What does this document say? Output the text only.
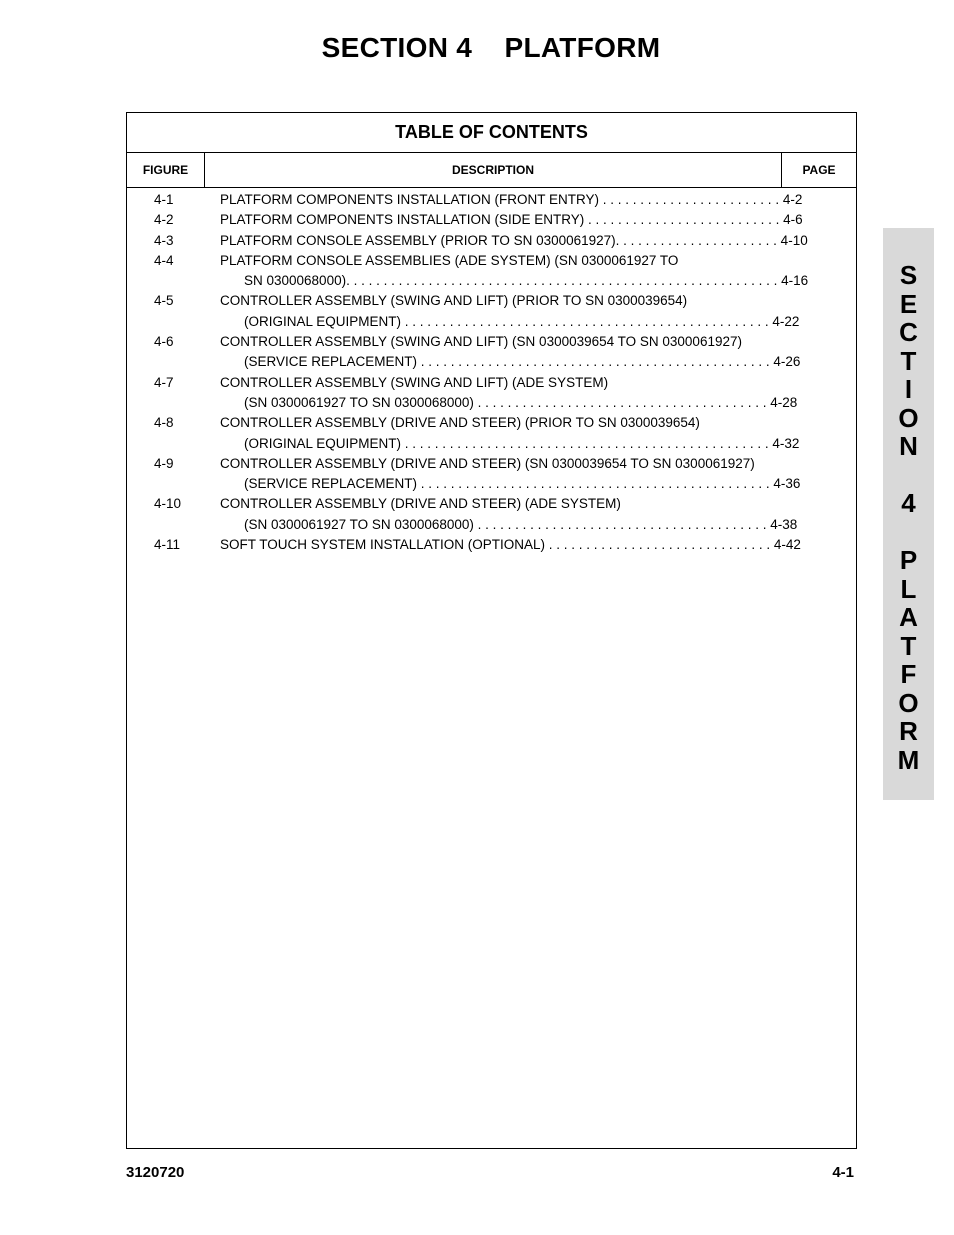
SECTION 4    PLATFORM
TABLE OF CONTENTS
FIGURE	DESCRIPTION	PAGE
4-1	PLATFORM COMPONENTS INSTALLATION (FRONT ENTRY) . . . . . . . . . . . . . . . . . . . . . . . . 4-2
4-2	PLATFORM COMPONENTS INSTALLATION (SIDE ENTRY) . . . . . . . . . . . . . . . . . . . . . . . . . . 4-6
4-3	PLATFORM CONSOLE ASSEMBLY (PRIOR TO SN 0300061927). . . . . . . . . . . . . . . . . . . . . . 4-10
4-4	PLATFORM CONSOLE ASSEMBLIES (ADE SYSTEM) (SN 0300061927 TO
SN 0300068000). . . . . . . . . . . . . . . . . . . . . . . . . . . . . . . . . . . . . . . . . . . . . . . . . . . . . . . . . . 4-16
4-5	CONTROLLER ASSEMBLY (SWING AND LIFT) (PRIOR TO SN 0300039654)
(ORIGINAL EQUIPMENT) . . . . . . . . . . . . . . . . . . . . . . . . . . . . . . . . . . . . . . . . . . . . . . . . . 4-22
4-6	CONTROLLER ASSEMBLY (SWING AND LIFT) (SN 0300039654 TO SN 0300061927)
(SERVICE REPLACEMENT) . . . . . . . . . . . . . . . . . . . . . . . . . . . . . . . . . . . . . . . . . . . . . . . 4-26
4-7	CONTROLLER ASSEMBLY (SWING AND LIFT) (ADE SYSTEM)
(SN 0300061927 TO SN 0300068000) . . . . . . . . . . . . . . . . . . . . . . . . . . . . . . . . . . . . . . . 4-28
4-8	CONTROLLER ASSEMBLY (DRIVE AND STEER) (PRIOR TO SN 0300039654)
(ORIGINAL EQUIPMENT) . . . . . . . . . . . . . . . . . . . . . . . . . . . . . . . . . . . . . . . . . . . . . . . . . 4-32
4-9	CONTROLLER ASSEMBLY (DRIVE AND STEER) (SN 0300039654 TO SN 0300061927)
(SERVICE REPLACEMENT) . . . . . . . . . . . . . . . . . . . . . . . . . . . . . . . . . . . . . . . . . . . . . . . 4-36
4-10	CONTROLLER ASSEMBLY (DRIVE AND STEER) (ADE SYSTEM)
(SN 0300061927 TO SN 0300068000) . . . . . . . . . . . . . . . . . . . . . . . . . . . . . . . . . . . . . . . 4-38
4-11	SOFT TOUCH SYSTEM INSTALLATION (OPTIONAL) . . . . . . . . . . . . . . . . . . . . . . . . . . . . . . 4-42
S
E
C
T
I
O
N

4

P
L
A
T
F
O
R
M
3120720	4-1
